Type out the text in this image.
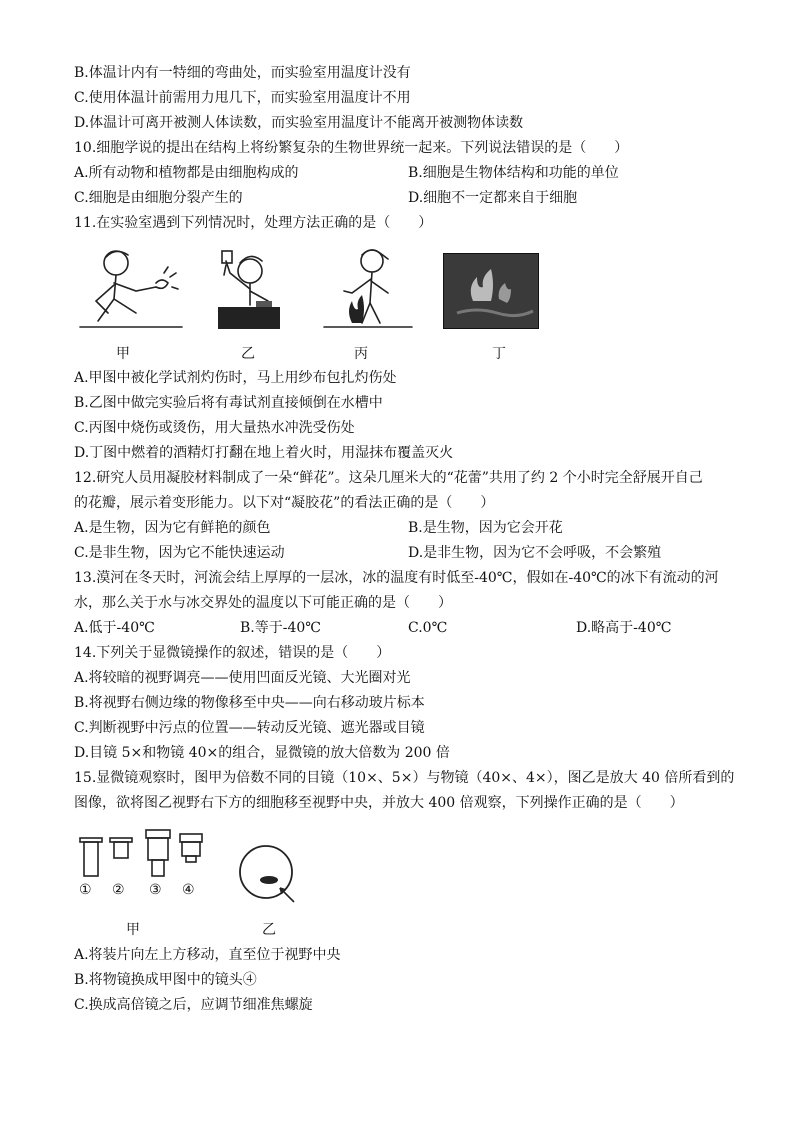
B.体温计内有一特细的弯曲处，而实验室用温度计没有
C.使用体温计前需用力甩几下，而实验室用温度计不用
D.体温计可离开被测人体读数，而实验室用温度计不能离开被测物体读数
10.细胞学说的提出在结构上将纷繁复杂的生物世界统一起来。下列说法错误的是（　　）
A.所有动物和植物都是由细胞构成的	B.细胞是生物体结构和功能的单位
C.细胞是由细胞分裂产生的	D.细胞不一定都来自于细胞
11.在实验室遇到下列情况时，处理方法正确的是（　　）
甲	乙	丙	丁
A.甲图中被化学试剂灼伤时，马上用纱布包扎灼伤处
B.乙图中做完实验后将有毒试剂直接倾倒在水槽中
C.丙图中烧伤或烫伤，用大量热水冲洗受伤处
D.丁图中燃着的酒精灯打翻在地上着火时，用湿抹布覆盖灭火
12.研究人员用凝胶材料制成了一朵“鲜花”。这朵几厘米大的“花蕾”共用了约 2 个小时完全舒展开自己
的花瓣，展示着变形能力。以下对“凝胶花”的看法正确的是（　　）
A.是生物，因为它有鲜艳的颜色	B.是生物，因为它会开花
C.是非生物，因为它不能快速运动	D.是非生物，因为它不会呼吸，不会繁殖
13.漠河在冬天时，河流会结上厚厚的一层冰，冰的温度有时低至-40℃，假如在-40℃的冰下有流动的河
水，那么关于水与冰交界处的温度以下可能正确的是（　　）
A.低于-40℃	B.等于-40℃	C.0℃	D.略高于-40℃
14.下列关于显微镜操作的叙述，错误的是（　　）
A.将较暗的视野调亮——使用凹面反光镜、大光圈对光
B.将视野右侧边缘的物像移至中央——向右移动玻片标本
C.判断视野中污点的位置——转动反光镜、遮光器或目镜
D.目镜 5×和物镜 40×的组合，显微镜的放大倍数为 200 倍
15.显微镜观察时，图甲为倍数不同的目镜（10×、5×）与物镜（40×、4×），图乙是放大 40 倍所看到的
图像，欲将图乙视野右下方的细胞移至视野中央，并放大 400 倍观察，下列操作正确的是（　　）
① ② ③ ④
甲	乙
A.将装片向左上方移动，直至位于视野中央
B.将物镜换成甲图中的镜头④
C.换成高倍镜之后，应调节细准焦螺旋
